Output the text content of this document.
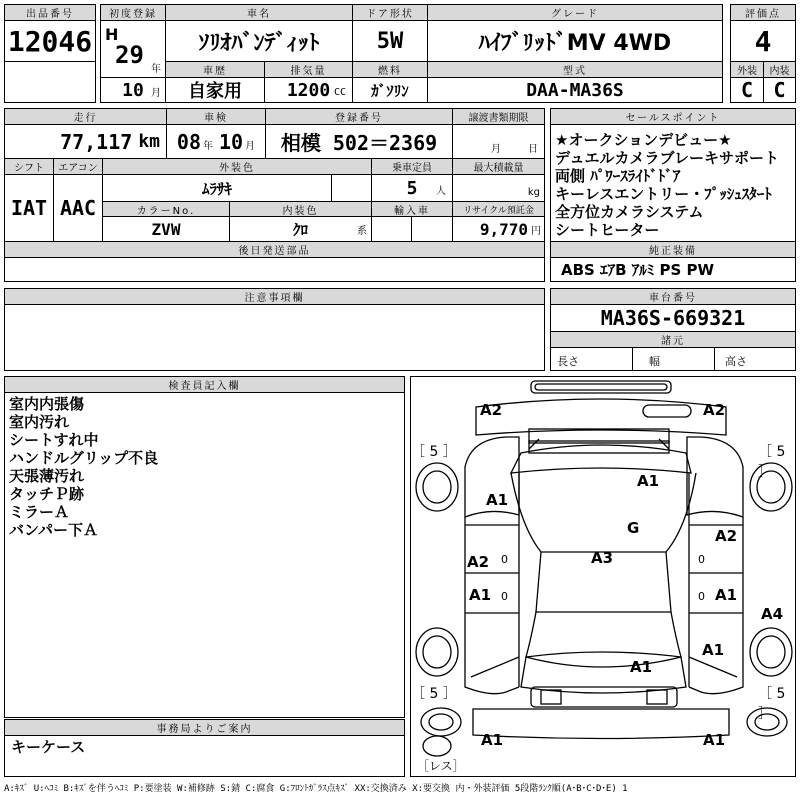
出品番号
12046
初度登録
H
29
年
10 月
車名
ｿﾘｵﾊﾞﾝﾃﾞｨｯﾄ
車歴
自家用
排気量
1200 CC
ドア形状
5W
燃料
ｶﾞｿﾘﾝ
グレード
ﾊｲﾌﾞﾘｯﾄﾞMV 4WD
型式
DAA-MA36S
評価点
4
外装	内装
C	C
走行
77,117 km
車検
08 年 10 月
登録番号
相模 502＝2369
譲渡書類期限
月	日
シフト
IAT
エアコン
AAC
外装色
ﾑﾗｻｷ
乗車定員
5 人
最大積載量
kg
カラーNo.
ZVW
内装色
ｸﾛ	系
輸入車	リサイクル預託金
9,770 円
後日発送部品
セールスポイント
★オークションデビュー★
デュエルカメラブレーキサポート
両側 ﾊﾟﾜｰｽﾗｲﾄﾞﾄﾞｱ
キーレスエントリー・ﾌﾟｯｼｭｽﾀｰﾄ
全方位カメラシステム
シートヒーター
純正装備
ABS ｴｱB ｱﾙﾐ PS PW
注意事項欄	車台番号
MA36S-669321
諸元
長さ	幅	高さ
検査員記入欄
室内内張傷
室内汚れ
シートすれ中
ハンドルグリップ不良
天張薄汚れ
タッチＰ跡
ミラーＡ
バンパー下Ａ
事務局よりご案内
キーケース
［ 5 ］	［ 5 ］
［ 5 ］	［ 5 ］
［レス］
A2	A2
A1
A1
G
A3
A2
A2
A1	A1
A4
A1
A1
A1	A1
0
0
0
0
A:ｷｽﾞ U:ﾍｺﾐ B:ｷｽﾞを伴うﾍｺﾐ P:要塗装 W:補修跡 S:錆 C:腐食 G:ﾌﾛﾝﾄｶﾞﾗｽ点ｷｽﾞ XX:交換済み X:要交換 内・外装評価 5段階ﾗﾝｸ順(A･B･C･D･E) 1
